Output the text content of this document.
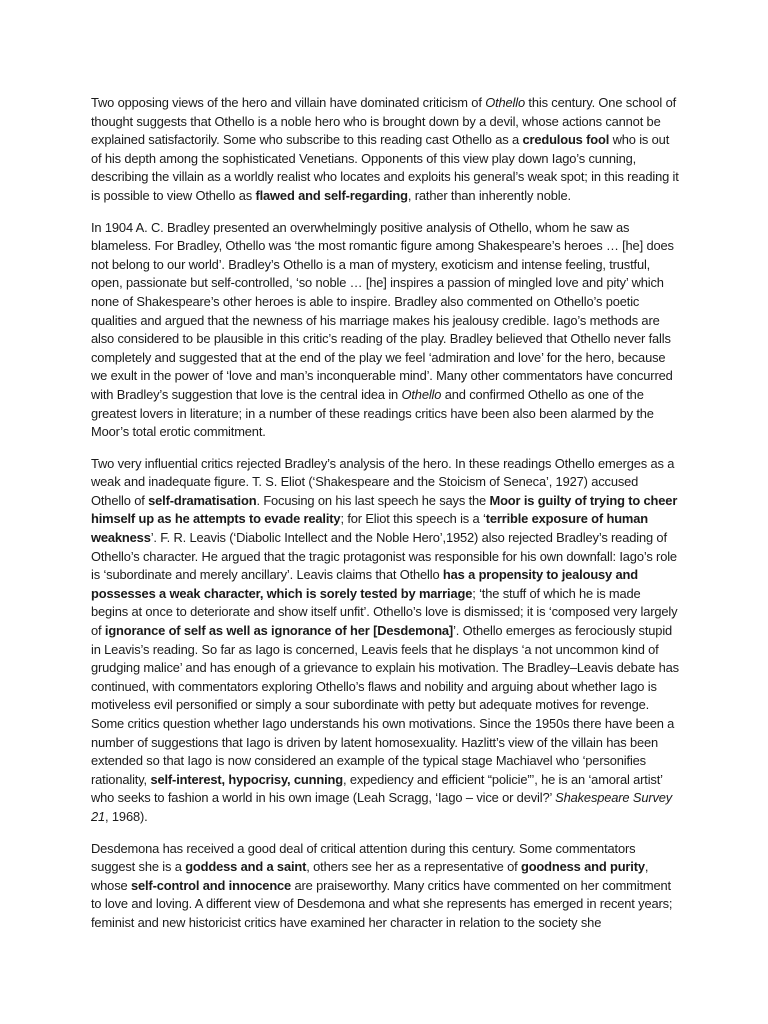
Two opposing views of the hero and villain have dominated criticism of Othello this century. One school of thought suggests that Othello is a noble hero who is brought down by a devil, whose actions cannot be explained satisfactorily. Some who subscribe to this reading cast Othello as a credulous fool who is out of his depth among the sophisticated Venetians. Opponents of this view play down Iago’s cunning, describing the villain as a worldly realist who locates and exploits his general’s weak spot; in this reading it is possible to view Othello as flawed and self-regarding, rather than inherently noble.

In 1904 A. C. Bradley presented an overwhelmingly positive analysis of Othello, whom he saw as blameless. For Bradley, Othello was ‘the most romantic figure among Shakespeare’s heroes … [he] does not belong to our world’. Bradley’s Othello is a man of mystery, exoticism and intense feeling, trustful, open, passionate but self-controlled, ‘so noble … [he] inspires a passion of mingled love and pity’ which none of Shakespeare’s other heroes is able to inspire. Bradley also commented on Othello’s poetic qualities and argued that the newness of his marriage makes his jealousy credible. Iago’s methods are also considered to be plausible in this critic’s reading of the play. Bradley believed that Othello never falls completely and suggested that at the end of the play we feel ‘admiration and love’ for the hero, because we exult in the power of ‘love and man’s inconquerable mind’. Many other commentators have concurred with Bradley’s suggestion that love is the central idea in Othello and confirmed Othello as one of the greatest lovers in literature; in a number of these readings critics have been also been alarmed by the Moor’s total erotic commitment.

Two very influential critics rejected Bradley’s analysis of the hero. In these readings Othello emerges as a weak and inadequate figure. T. S. Eliot (‘Shakespeare and the Stoicism of Seneca’, 1927) accused Othello of self-dramatisation. Focusing on his last speech he says the Moor is guilty of trying to cheer himself up as he attempts to evade reality; for Eliot this speech is a ‘terrible exposure of human weakness’. F. R. Leavis (‘Diabolic Intellect and the Noble Hero’,1952) also rejected Bradley’s reading of Othello’s character. He argued that the tragic protagonist was responsible for his own downfall: Iago’s role is ‘subordinate and merely ancillary’. Leavis claims that Othello has a propensity to jealousy and possesses a weak character, which is sorely tested by marriage; ‘the stuff of which he is made begins at once to deteriorate and show itself unfit’. Othello’s love is dismissed; it is ‘composed very largely of ignorance of self as well as ignorance of her [Desdemona]’. Othello emerges as ferociously stupid in Leavis’s reading. So far as Iago is concerned, Leavis feels that he displays ‘a not uncommon kind of grudging malice’ and has enough of a grievance to explain his motivation. The Bradley–Leavis debate has continued, with commentators exploring Othello’s flaws and nobility and arguing about whether Iago is motiveless evil personified or simply a sour subordinate with petty but adequate motives for revenge. Some critics question whether Iago understands his own motivations. Since the 1950s there have been a number of suggestions that Iago is driven by latent homosexuality. Hazlitt’s view of the villain has been extended so that Iago is now considered an example of the typical stage Machiavel who ‘personifies rationality, self-interest, hypocrisy, cunning, expediency and efficient “policie”’, he is an ‘amoral artist’ who seeks to fashion a world in his own image (Leah Scragg, ‘Iago – vice or devil?’ Shakespeare Survey 21, 1968).

Desdemona has received a good deal of critical attention during this century. Some commentators suggest she is a goddess and a saint, others see her as a representative of goodness and purity, whose self-control and innocence are praiseworthy. Many critics have commented on her commitment to love and loving. A different view of Desdemona and what she represents has emerged in recent years; feminist and new historicist critics have examined her character in relation to the society she
